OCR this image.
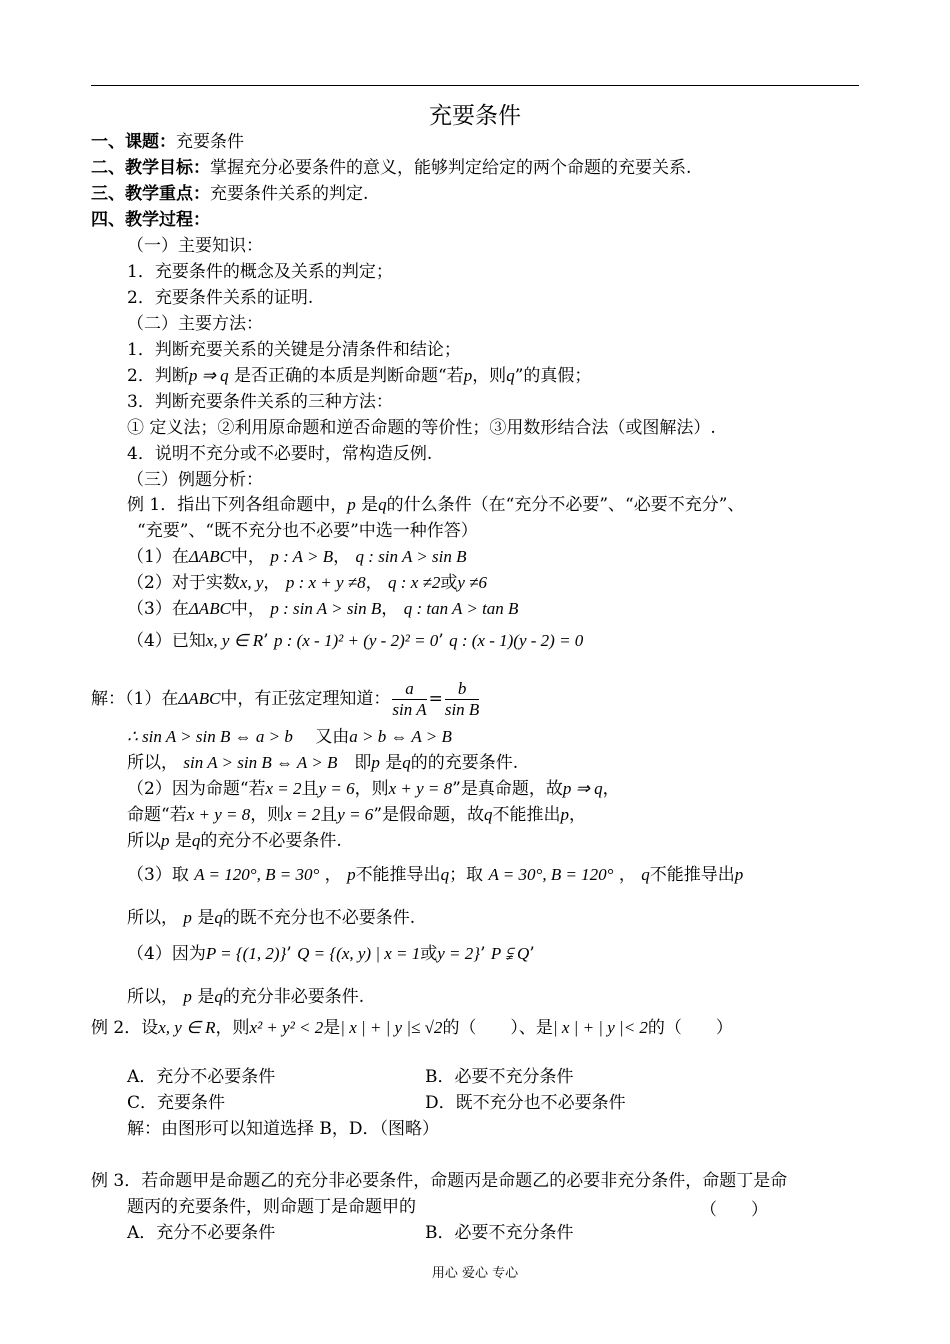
充要条件
一、课题：充要条件
二、教学目标：掌握充分必要条件的意义，能够判定给定的两个命题的充要关系.
三、教学重点：充要条件关系的判定.
四、教学过程：
（一）主要知识：
1．充要条件的概念及关系的判定；
2．充要条件关系的证明.
（二）主要方法：
1．判断充要关系的关键是分清条件和结论；
2．判断p ⇒ q 是否正确的本质是判断命题“若p，则q”的真假；
3．判断充要条件关系的三种方法：
① 定义法；②利用原命题和逆否命题的等价性；③用数形结合法（或图解法）.
4．说明不充分或不必要时，常构造反例.
（三）例题分析：
例 1．指出下列各组命题中，p 是q的什么条件（在“充分不必要”、“必要不充分”、
“充要”、“既不充分也不必要”中选一种作答）
（1）在ΔABC中， p : A > B， q : sin A > sin B
（2）对于实数x, y， p : x + y ≠8， q : x ≠2或y ≠6
（3）在ΔABC中， p : sin A > sin B， q : tan A > tan B
（4）已知x, y ∈ R’ p : (x - 1)² + (y - 2)² = 0’ q : (x - 1)(y - 2) = 0
解：（1）在ΔABC中，有正弦定理知道： $\frac{a}{\text{sin A}} = \frac{b}{\text{sin B}}$
∴ sin A > sin B ⇔ a > b　 又由a > b ⇔ A > B
所以， sin A > sin B ⇔ A > B　 即p 是q的的充要条件.
（2）因为命题“若x = 2且y = 6，则x + y = 8”是真命题，故p ⇒ q，
命题“若x + y = 8，则x = 2且y = 6”是假命题，故q不能推出p，
所以p 是q的充分不必要条件.
（3）取 A = 120°, B = 30° ， p不能推导出q；取 A = 30°, B = 120° ， q不能推导出p
所以， p 是q的既不充分也不必要条件.
（4）因为P = {(1, 2)}’ Q = {(x, y) | x = 1或y = 2}’ P ⫋ Q’
所以， p 是q的充分非必要条件.
例 2．设x, y ∈ R，则x² + y² < 2是| x | + | y |≤ √2的（　　）、是| x | + | y |< 2的（　　）
A．充分不必要条件	B．必要不充分条件
C．充要条件	D．既不充分也不必要条件
解：由图形可以知道选择 B，D．（图略）
例 3．若命题甲是命题乙的充分非必要条件，命题丙是命题乙的必要非充分条件，命题丁是命
题丙的充要条件，则命题丁是命题甲的	（　　）
A．充分不必要条件	B．必要不充分条件
用心 爱心 专心
